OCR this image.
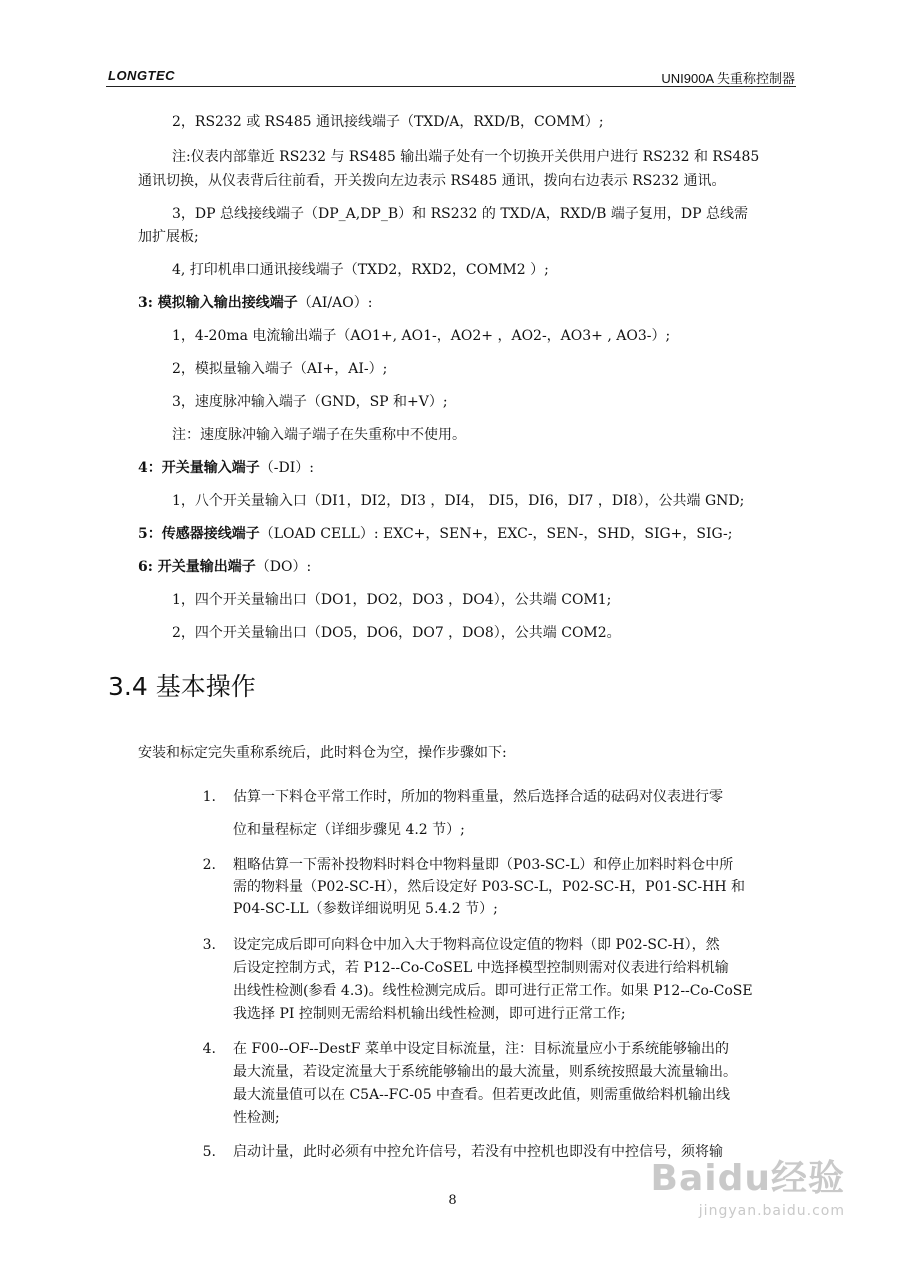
LONGTEC	UNI900A 失重称控制器
2，RS232 或 RS485 通讯接线端子（TXD/A，RXD/B，COMM）;
注:仪表内部靠近 RS232 与 RS485 输出端子处有一个切换开关供用户进行 RS232 和 RS485
通讯切换，从仪表背后往前看，开关拨向左边表示 RS485 通讯，拨向右边表示 RS232 通讯。
3，DP 总线接线端子（DP_A,DP_B）和 RS232 的 TXD/A，RXD/B 端子复用，DP 总线需
加扩展板;
4, 打印机串口通讯接线端子（TXD2，RXD2，COMM2 ）;
3: 模拟输入输出接线端子（AI/AO）:
1，4-20ma 电流输出端子（AO1+, AO1-，AO2+ ，AO2-，AO3+ , AO3-）;
2，模拟量输入端子（AI+，AI-）;
3，速度脉冲输入端子（GND，SP 和+V）;
注：速度脉冲输入端子端子在失重称中不使用。
4：开关量输入端子（-DI）:
1，八个开关量输入口（DI1，DI2，DI3 ，DI4， DI5，DI6，DI7 ，DI8），公共端 GND;
5：传感器接线端子（LOAD CELL）: EXC+，SEN+，EXC-，SEN-，SHD，SIG+，SIG-;
6: 开关量输出端子（DO）:
1，四个开关量输出口（DO1，DO2，DO3 ，DO4），公共端 COM1;
2，四个开关量输出口（DO5，DO6，DO7 ，DO8），公共端 COM2。
3.4 基本操作
安装和标定完失重称系统后，此时料仓为空，操作步骤如下:
1. 估算一下料仓平常工作时，所加的物料重量，然后选择合适的砝码对仪表进行零
位和量程标定（详细步骤见 4.2 节）;
2. 粗略估算一下需补投物料时料仓中物料量即（P03-SC-L）和停止加料时料仓中所
需的物料量（P02-SC-H），然后设定好 P03-SC-L，P02-SC-H，P01-SC-HH 和
P04-SC-LL（参数详细说明见 5.4.2 节）;
3. 设定完成后即可向料仓中加入大于物料高位设定值的物料（即 P02-SC-H），然
后设定控制方式，若 P12--Co-CoSEL 中选择模型控制则需对仪表进行给料机输
出线性检测(参看 4.3)。线性检测完成后。即可进行正常工作。如果 P12--Co-CoSE
我选择 PI 控制则无需给料机输出线性检测，即可进行正常工作;
4. 在 F00--OF--DestF 菜单中设定目标流量，注：目标流量应小于系统能够输出的
最大流量，若设定流量大于系统能够输出的最大流量，则系统按照最大流量输出。
最大流量值可以在 C5A--FC-05 中查看。但若更改此值，则需重做给料机输出线
性检测;
5. 启动计量，此时必须有中控允许信号，若没有中控机也即没有中控信号，须将输
8
Baidu经验
jingyan.baidu.com
